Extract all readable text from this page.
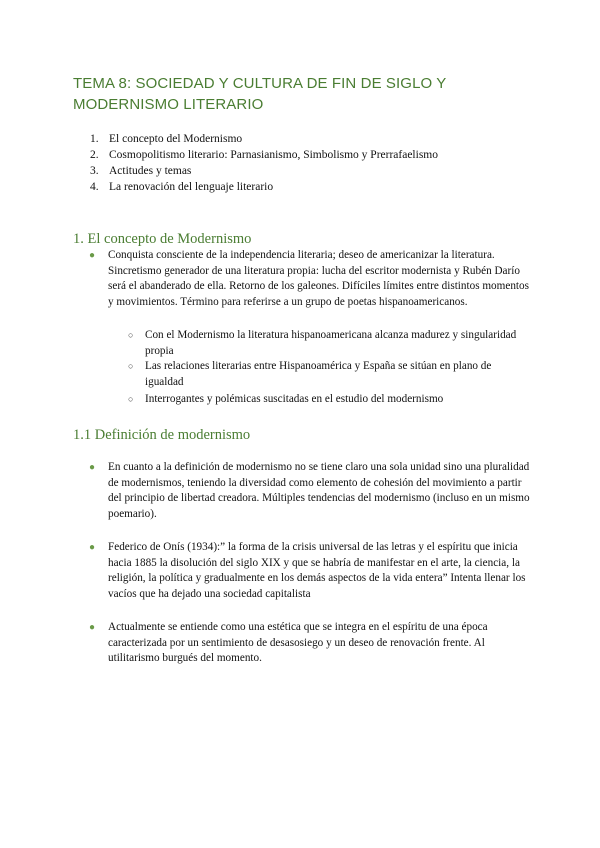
TEMA 8: SOCIEDAD Y CULTURA DE FIN DE SIGLO Y MODERNISMO LITERARIO
1. El concepto del Modernismo
2. Cosmopolitismo literario: Parnasianismo, Simbolismo y Prerrafaelismo
3. Actitudes y temas
4. La renovación del lenguaje literario
1. El concepto de Modernismo
● Conquista consciente de la independencia literaria; deseo de americanizar la literatura. Sincretismo generador de una literatura propia: lucha del escritor modernista y Rubén Darío será el abanderado de ella. Retorno de los galeones. Difíciles límites entre distintos momentos y movimientos. Término para referirse a un grupo de poetas hispanoamericanos.
○ Con el Modernismo la literatura hispanoamericana alcanza madurez y singularidad propia
○ Las relaciones literarias entre Hispanoamérica y España se sitúan en plano de igualdad
○ Interrogantes y polémicas suscitadas en el estudio del modernismo
1.1 Definición de modernismo
● En cuanto a la definición de modernismo no se tiene claro una sola unidad sino una pluralidad de modernismos, teniendo la diversidad como elemento de cohesión del movimiento a partir del principio de libertad creadora. Múltiples tendencias del modernismo (incluso en un mismo poemario).
● Federico de Onís (1934):” la forma de la crisis universal de las letras y el espíritu que inicia hacia 1885 la disolución del siglo XIX y que se habría de manifestar en el arte, la ciencia, la religión, la política y gradualmente en los demás aspectos de la vida entera” Intenta llenar los vacíos que ha dejado una sociedad capitalista
● Actualmente se entiende como una estética que se integra en el espíritu de una época caracterizada por un sentimiento de desasosiego y un deseo de renovación frente. Al utilitarismo burgués del momento.
